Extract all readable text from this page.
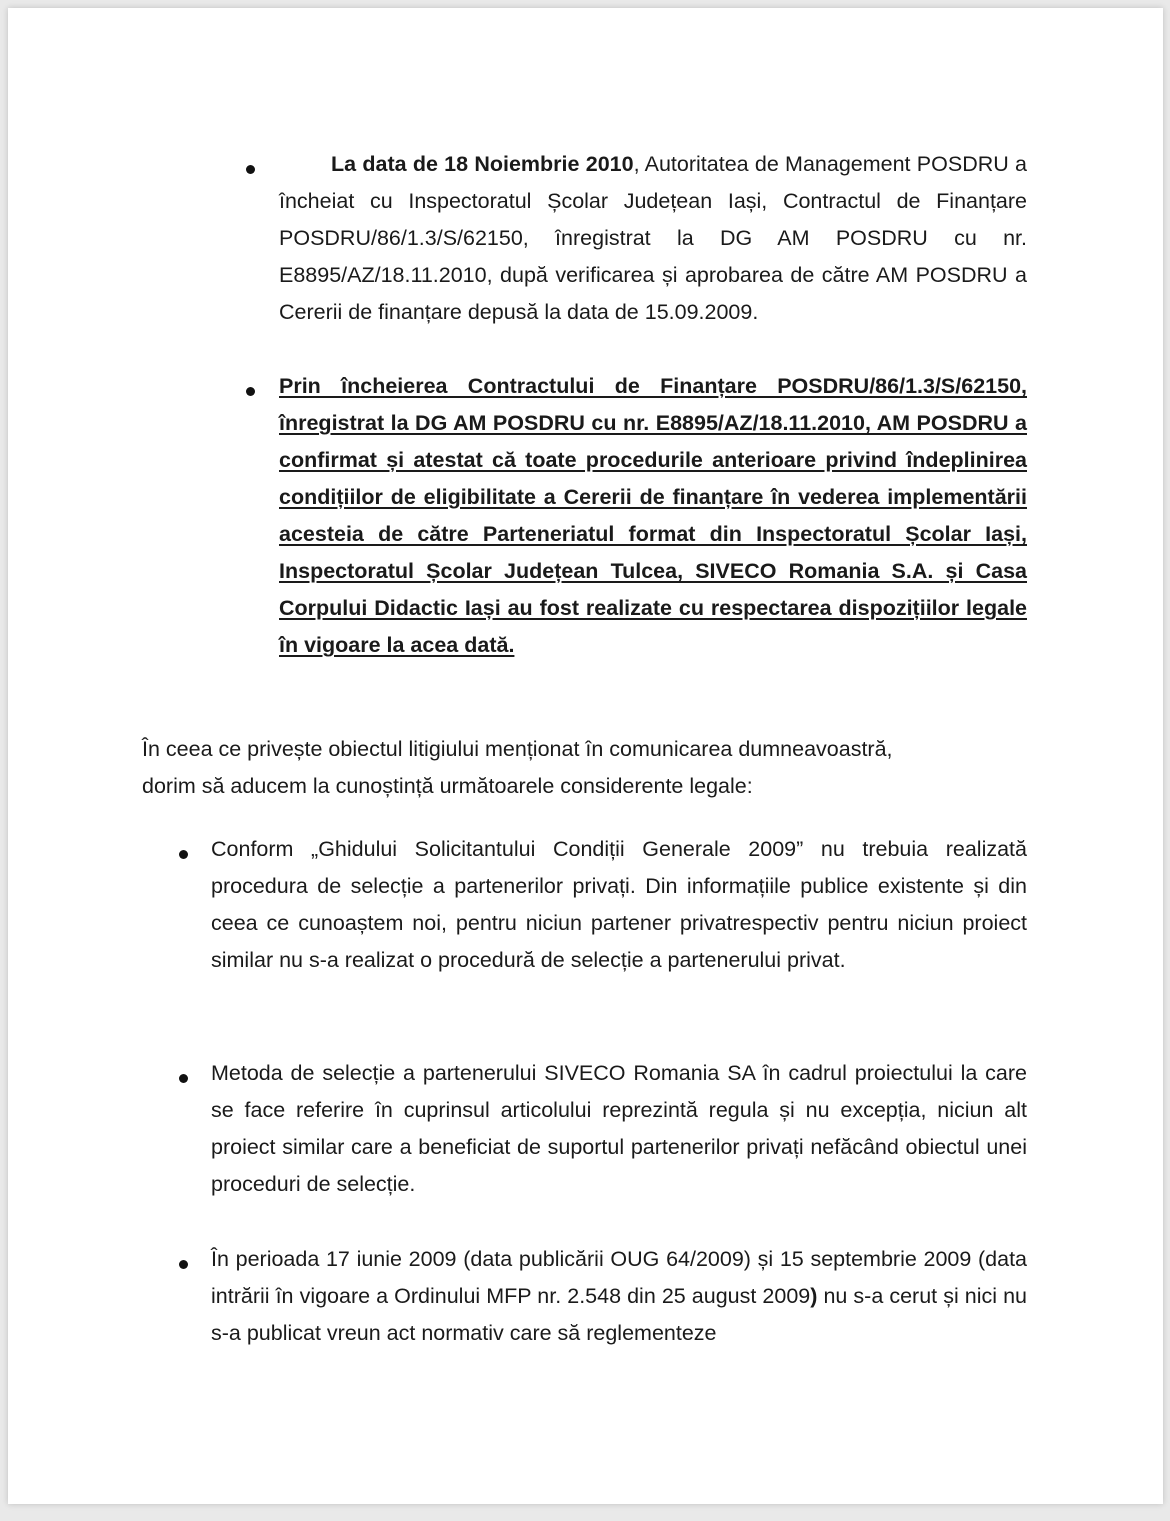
La data de 18 Noiembrie 2010, Autoritatea de Management POSDRU a încheiat cu Inspectoratul Școlar Județean Iași, Contractul de Finanțare POSDRU/86/1.3/S/62150, înregistrat la DG AM POSDRU cu nr. E8895/AZ/18.11.2010, după verificarea și aprobarea de către AM POSDRU a Cererii de finanțare depusă la data de 15.09.2009.
Prin încheierea Contractului de Finanțare POSDRU/86/1.3/S/62150, înregistrat la DG AM POSDRU cu nr. E8895/AZ/18.11.2010, AM POSDRU a confirmat și atestat că toate procedurile anterioare privind îndeplinirea condițiilor de eligibilitate a Cererii de finanțare în vederea implementării acesteia de către Parteneriatul format din Inspectoratul Școlar Iași, Inspectoratul Școlar Județean Tulcea, SIVECO Romania S.A. și Casa Corpului Didactic Iași au fost realizate cu respectarea dispozițiilor legale în vigoare la acea dată.
În ceea ce privește obiectul litigiului menționat în comunicarea dumneavoastră,
dorim să aducem la cunoștință următoarele considerente legale:
Conform „Ghidului Solicitantului Condiții Generale 2009” nu trebuia realizată procedura de selecție a partenerilor privați. Din informațiile publice existente și din ceea ce cunoaștem noi, pentru niciun partener privatrespectiv pentru niciun proiect similar nu s-a realizat o procedură de selecție a partenerului privat.
Metoda de selecție a partenerului SIVECO Romania SA în cadrul proiectului la care se face referire în cuprinsul articolului reprezintă regula și nu excepția, niciun alt proiect similar care a beneficiat de suportul partenerilor privați nefăcând obiectul unei proceduri de selecție.
În perioada 17 iunie 2009 (data publicării OUG 64/2009) și 15 septembrie 2009 (data intrării în vigoare a Ordinului MFP nr. 2.548 din 25 august 2009) nu s-a cerut și nici nu s-a publicat vreun act normativ care să reglementeze
